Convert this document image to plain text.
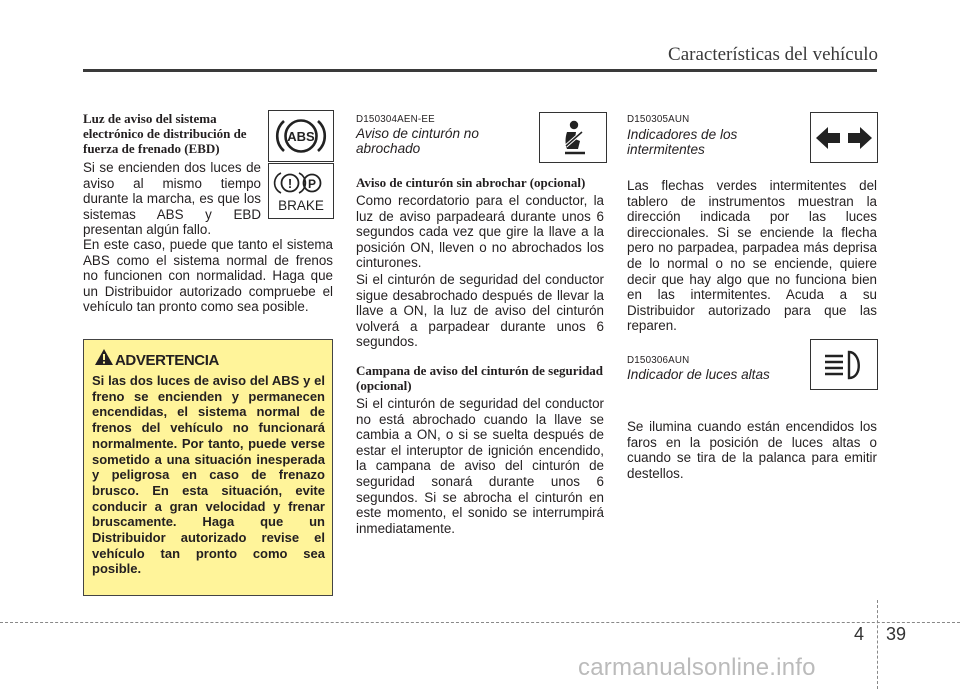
Características del vehículo

Luz de aviso del sistema electrónico de distribución de fuerza de frenado (EBD)

Si se encienden dos luces de aviso al mismo tiempo durante la marcha, es que los sistemas ABS y EBD presentan algún fallo.

En este caso, puede que tanto el sistema ABS como el sistema normal de frenos no funcionen con normalidad. Haga que un Distribuidor autorizado compruebe el vehículo tan pronto como sea posible.
ABS
! P
BRAKE
ADVERTENCIA
Si las dos luces de aviso del ABS y el freno se encienden y permanecen encendidas, el sistema normal de frenos del vehículo no funcionará normalmente. Por tanto, puede verse sometido a una situación inesperada y peligrosa en caso de frenazo brusco. En esta situación, evite conducir a gran velocidad y frenar bruscamente. Haga que un Distribuidor autorizado revise el vehículo tan pronto como sea posible.
D150304AEN-EE
Aviso de cinturón no abrochado

Aviso de cinturón sin abrochar (opcional)

Como recordatorio para el conductor, la luz de aviso parpadeará durante unos 6 segundos cada vez que gire la llave a la posición ON, lleven o no abrochados los cinturones.

Si el cinturón de seguridad del conductor sigue desabrochado después de llevar la llave a ON, la luz de aviso del cinturón volverá a parpadear durante unos 6 segundos.

Campana de aviso del cinturón de seguridad (opcional)

Si el cinturón de seguridad del conductor no está abrochado cuando la llave se cambia a ON, o si se suelta después de estar el interuptor de ignición encendido, la campana de aviso del cinturón de seguridad sonará durante unos 6 segundos. Si se abrocha el cinturón en este momento, el sonido se interrumpirá inmediatamente.

D150305AUN
Indicadores de los intermitentes
Las flechas verdes intermitentes del tablero de instrumentos muestran la dirección indicada por las luces direccionales. Si se enciende la flecha pero no parpadea, parpadea más deprisa de lo normal o no se enciende, quiere decir que hay algo que no funciona bien en las intermitentes. Acuda a su Distribuidor autorizado para que las reparen.
D150306AUN
Indicador de luces altas
Se ilumina cuando están encendidos los faros en la posición de luces altas o cuando se tira de la palanca para emitir destellos.
4 39
carmanualsonline.info
